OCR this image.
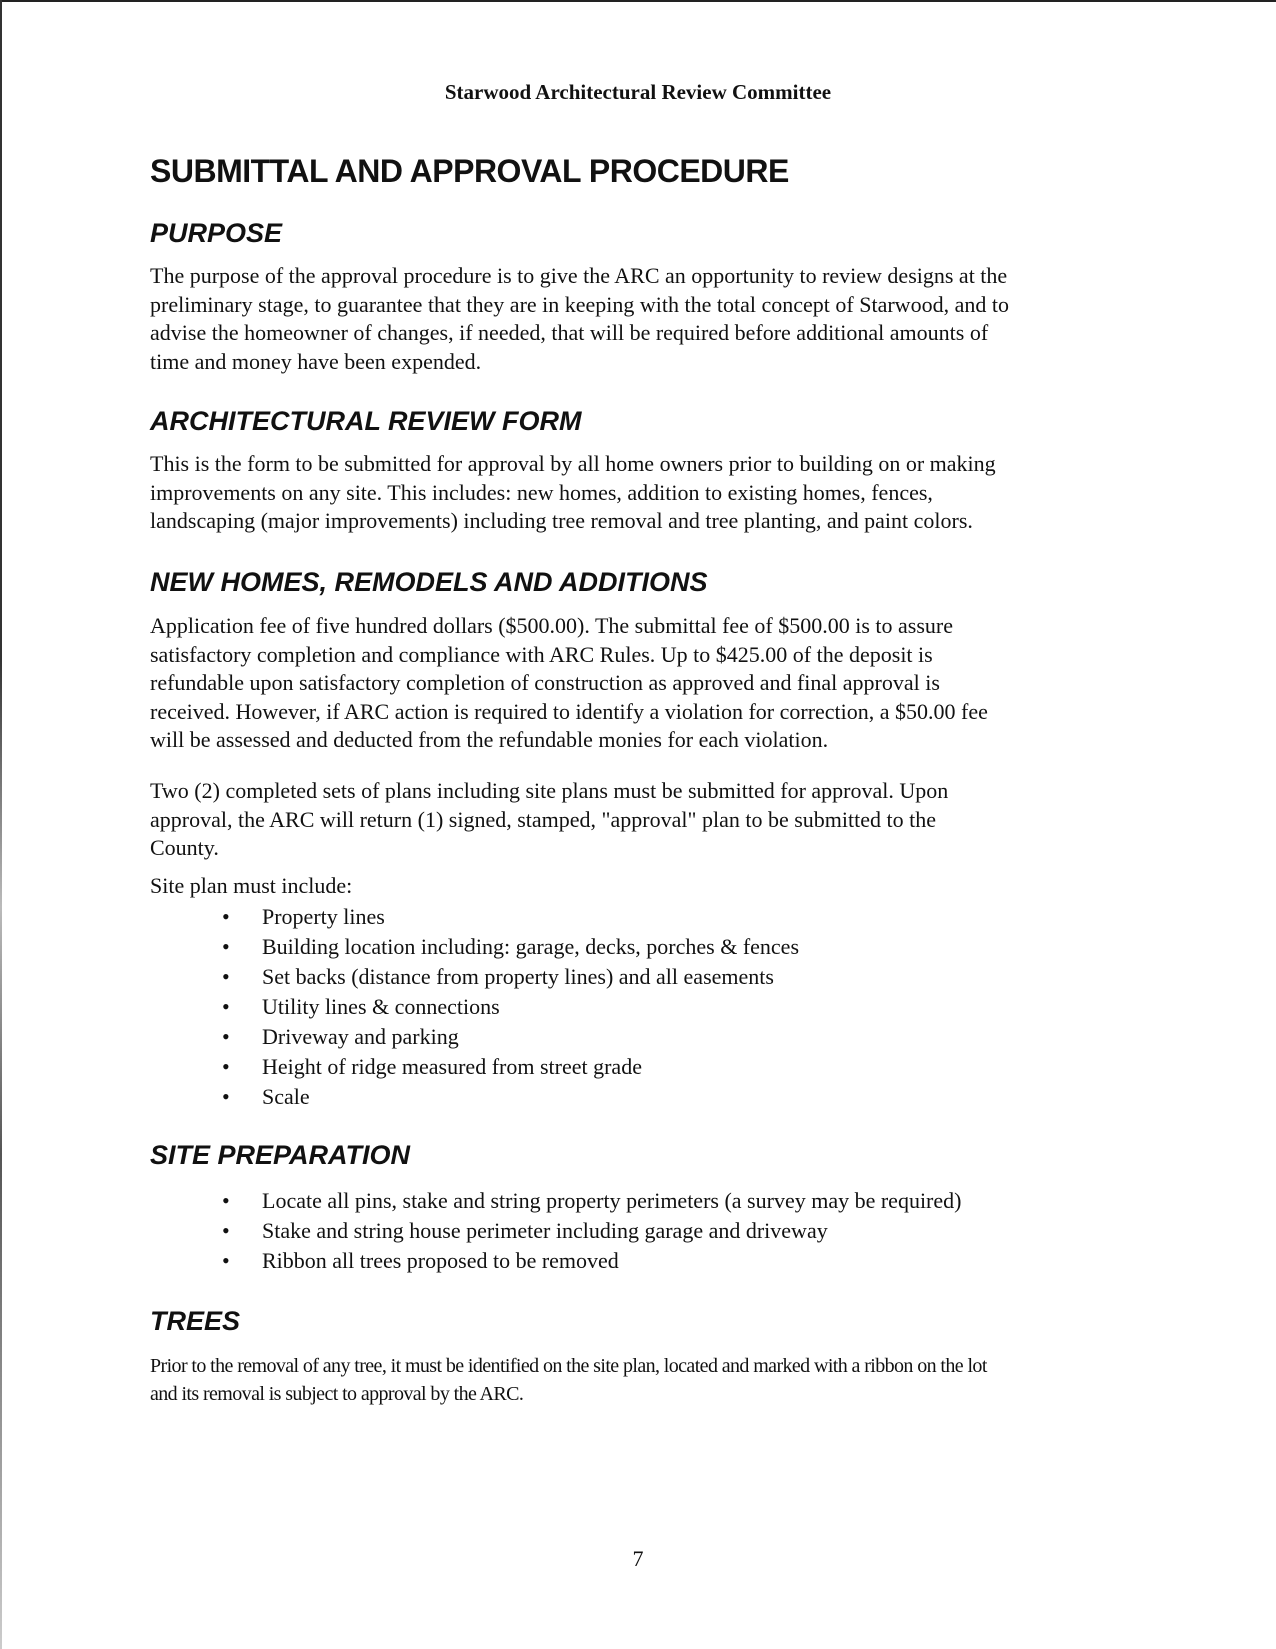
Starwood Architectural Review Committee
SUBMITTAL AND APPROVAL PROCEDURE
PURPOSE
The purpose of the approval procedure is to give the ARC an opportunity to review designs at the
preliminary stage, to guarantee that they are in keeping with the total concept of Starwood, and to
advise the homeowner of changes, if needed, that will be required before additional amounts of
time and money have been expended.
ARCHITECTURAL REVIEW FORM
This is the form to be submitted for approval by all home owners prior to building on or making
improvements on any site. This includes: new homes, addition to existing homes, fences,
landscaping (major improvements) including tree removal and tree planting, and paint colors.
NEW HOMES, REMODELS AND ADDITIONS
Application fee of five hundred dollars ($500.00). The submittal fee of $500.00 is to assure
satisfactory completion and compliance with ARC Rules. Up to $425.00 of the deposit is
refundable upon satisfactory completion of construction as approved and final approval is
received. However, if ARC action is required to identify a violation for correction, a $50.00 fee
will be assessed and deducted from the refundable monies for each violation.
Two (2) completed sets of plans including site plans must be submitted for approval. Upon
approval, the ARC will return (1) signed, stamped, "approval" plan to be submitted to the
County.
Site plan must include:
• Property lines
• Building location including: garage, decks, porches & fences
• Set backs (distance from property lines) and all easements
• Utility lines & connections
• Driveway and parking
• Height of ridge measured from street grade
• Scale
SITE PREPARATION
• Locate all pins, stake and string property perimeters (a survey may be required)
• Stake and string house perimeter including garage and driveway
• Ribbon all trees proposed to be removed
TREES
Prior to the removal of any tree, it must be identified on the site plan, located and marked with a ribbon on the lot
and its removal is subject to approval by the ARC.
7
